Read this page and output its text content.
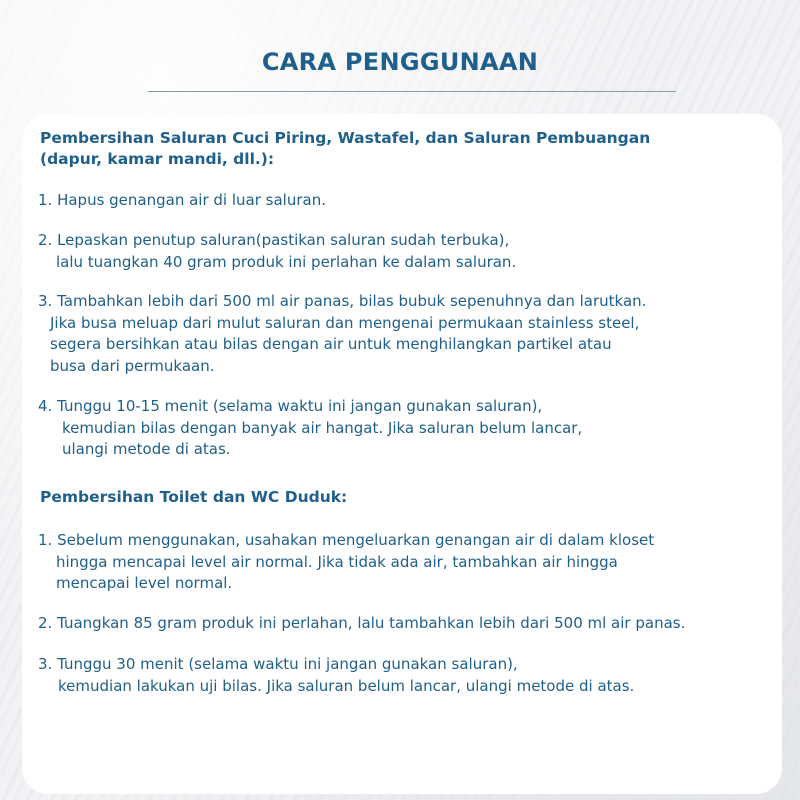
CARA PENGGUNAAN

Pembersihan Saluran Cuci Piring, Wastafel, dan Saluran Pembuangan
(dapur, kamar mandi, dll.):

1. Hapus genangan air di luar saluran.

2. Lepaskan penutup saluran(pastikan saluran sudah terbuka),
lalu tuangkan 40 gram produk ini perlahan ke dalam saluran.

3. Tambahkan lebih dari 500 ml air panas, bilas bubuk sepenuhnya dan larutkan.
Jika busa meluap dari mulut saluran dan mengenai permukaan stainless steel,
segera bersihkan atau bilas dengan air untuk menghilangkan partikel atau
busa dari permukaan.

4. Tunggu 10-15 menit (selama waktu ini jangan gunakan saluran),
kemudian bilas dengan banyak air hangat. Jika saluran belum lancar,
ulangi metode di atas.

Pembersihan Toilet dan WC Duduk:

1. Sebelum menggunakan, usahakan mengeluarkan genangan air di dalam kloset
hingga mencapai level air normal. Jika tidak ada air, tambahkan air hingga
mencapai level normal.

2. Tuangkan 85 gram produk ini perlahan, lalu tambahkan lebih dari 500 ml air panas.

3. Tunggu 30 menit (selama waktu ini jangan gunakan saluran),
kemudian lakukan uji bilas. Jika saluran belum lancar, ulangi metode di atas.
